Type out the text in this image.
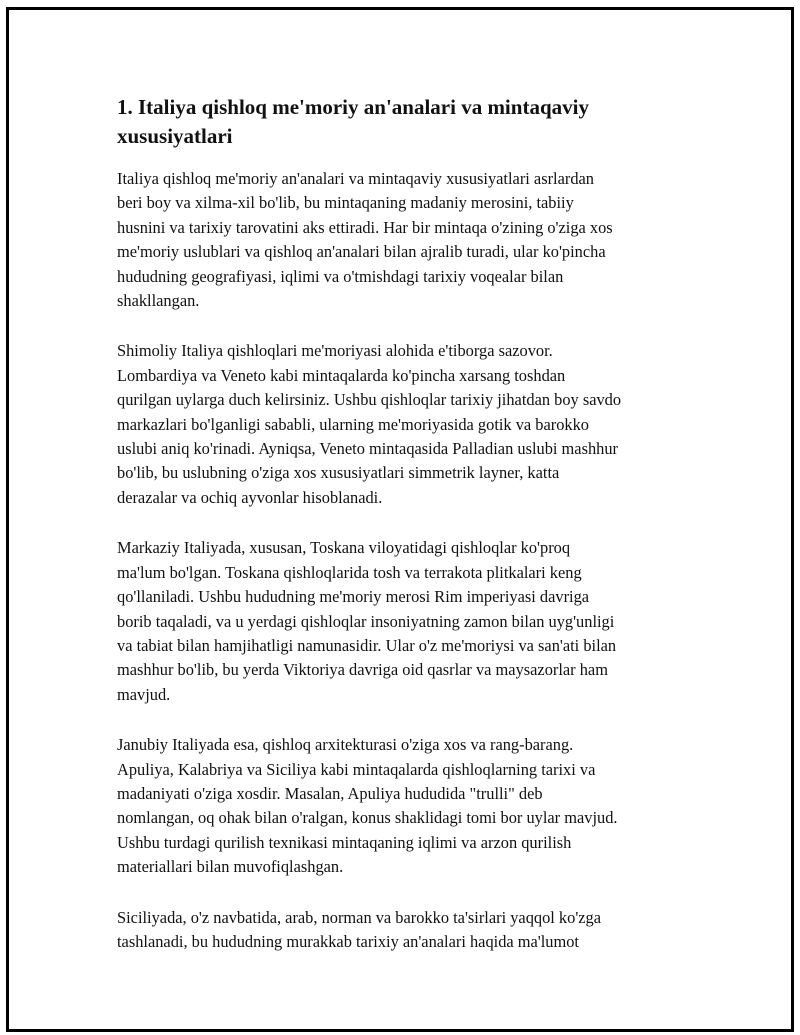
1. Italiya qishloq me'moriy an'analari va mintaqaviy xususiyatlari

Italiya qishloq me'moriy an'analari va mintaqaviy xususiyatlari asrlardan
beri boy va xilma-xil bo'lib, bu mintaqaning madaniy merosini, tabiiy
husnini va tarixiy tarovatini aks ettiradi. Har bir mintaqa o'zining o'ziga xos
me'moriy uslublari va qishloq an'analari bilan ajralib turadi, ular ko'pincha
hududning geografiyasi, iqlimi va o'tmishdagi tarixiy voqealar bilan
shakllangan.

Shimoliy Italiya qishloqlari me'moriyasi alohida e'tiborga sazovor.
Lombardiya va Veneto kabi mintaqalarda ko'pincha xarsang toshdan
qurilgan uylarga duch kelirsiniz. Ushbu qishloqlar tarixiy jihatdan boy savdo
markazlari bo'lganligi sababli, ularning me'moriyasida gotik va barokko
uslubi aniq ko'rinadi. Ayniqsa, Veneto mintaqasida Palladian uslubi mashhur
bo'lib, bu uslubning o'ziga xos xususiyatlari simmetrik layner, katta
derazalar va ochiq ayvonlar hisoblanadi.

Markaziy Italiyada, xususan, Toskana viloyatidagi qishloqlar ko'proq
ma'lum bo'lgan. Toskana qishloqlarida tosh va terrakota plitkalari keng
qo'llaniladi. Ushbu hududning me'moriy merosi Rim imperiyasi davriga
borib taqaladi, va u yerdagi qishloqlar insoniyatning zamon bilan uyg'unligi
va tabiat bilan hamjihatligi namunasidir. Ular o'z me'moriysi va san'ati bilan
mashhur bo'lib, bu yerda Viktoriya davriga oid qasrlar va maysazorlar ham
mavjud.

Janubiy Italiyada esa, qishloq arxitekturasi o'ziga xos va rang-barang.
Apuliya, Kalabriya va Siciliya kabi mintaqalarda qishloqlarning tarixi va
madaniyati o'ziga xosdir. Masalan, Apuliya hududida "trulli" deb
nomlangan, oq ohak bilan o'ralgan, konus shaklidagi tomi bor uylar mavjud.
Ushbu turdagi qurilish texnikasi mintaqaning iqlimi va arzon qurilish
materiallari bilan muvofiqlashgan.

Siciliyada, o'z navbatida, arab, norman va barokko ta'sirlari yaqqol ko'zga
tashlanadi, bu hududning murakkab tarixiy an'analari haqida ma'lumot
